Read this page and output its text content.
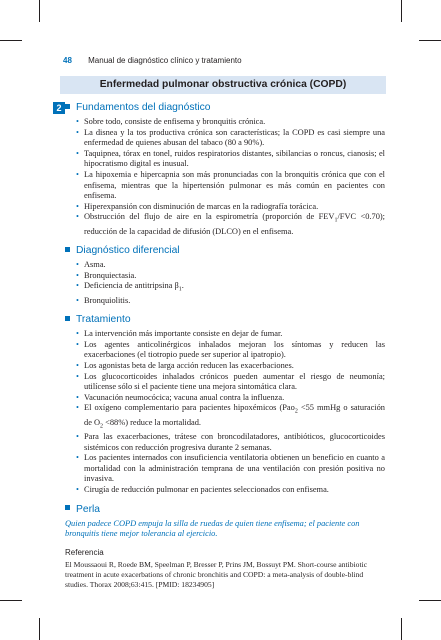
48 Manual de diagnóstico clínico y tratamiento
Enfermedad pulmonar obstructiva crónica (COPD)
2	Fundamentos del diagnóstico
• Sobre todo, consiste de enfisema y bronquitis crónica.
• La disnea y la tos productiva crónica son características; la COPD es casi siempre una enfermedad de quienes abusan del tabaco (80 a 90%).
• Taquipnea, tórax en tonel, ruidos respiratorios distantes, sibilancias o roncus, cianosis; el hipocratismo digital es inusual.
• La hipoxemia e hipercapnia son más pronunciadas con la bronquitis crónica que con el enfisema, mientras que la hipertensión pulmonar es más común en pacientes con enfisema.
• Hiperexpansión con disminución de marcas en la radiografía torácica.
• Obstrucción del flujo de aire en la espirometría (proporción de $FEV_1$/FVC <0.70); reducción de la capacidad de difusión (DLCO) en el enfisema.
Diagnóstico diferencial
• Asma.
• Bronquiectasia.
• Deficiencia de antitripsina $\beta_1$.
• Bronquiolitis.
Tratamiento
• La intervención más importante consiste en dejar de fumar.
• Los agentes anticolinérgicos inhalados mejoran los síntomas y reducen las exacerbaciones (el tiotropio puede ser superior al ipatropio).
• Los agonistas beta de larga acción reducen las exacerbaciones.
• Los glucocorticoides inhalados crónicos pueden aumentar el riesgo de neumonía; utilícense sólo si el paciente tiene una mejora sintomática clara.
• Vacunación neumocócica; vacuna anual contra la influenza.
• El oxígeno complementario para pacientes hipoxémicos (Pao$_2$ <55 mmHg o saturación de $O_2 <88\%$) reduce la mortalidad.
• Para las exacerbaciones, trátese con broncodilatadores, antibióticos, glucocorticoides sistémicos con reducción progresiva durante 2 semanas.
• Los pacientes internados con insuficiencia ventilatoria obtienen un beneficio en cuanto a mortalidad con la administración temprana de una ventilación con presión positiva no invasiva.
• Cirugía de reducción pulmonar en pacientes seleccionados con enfisema.
Perla

Quien padece COPD empuja la silla de ruedas de quien tiene enfisema; el paciente con bronquitis tiene mejor tolerancia al ejercicio.

Referencia

El Moussaoui R, Roede BM, Speelman P, Bresser P, Prins JM, Bossuyt PM. Short-course antibiotic treatment in acute exacerbations of chronic bronchitis and COPD: a meta-analysis of double-blind studies. Thorax 2008;63:415. [PMID: 18234905]
